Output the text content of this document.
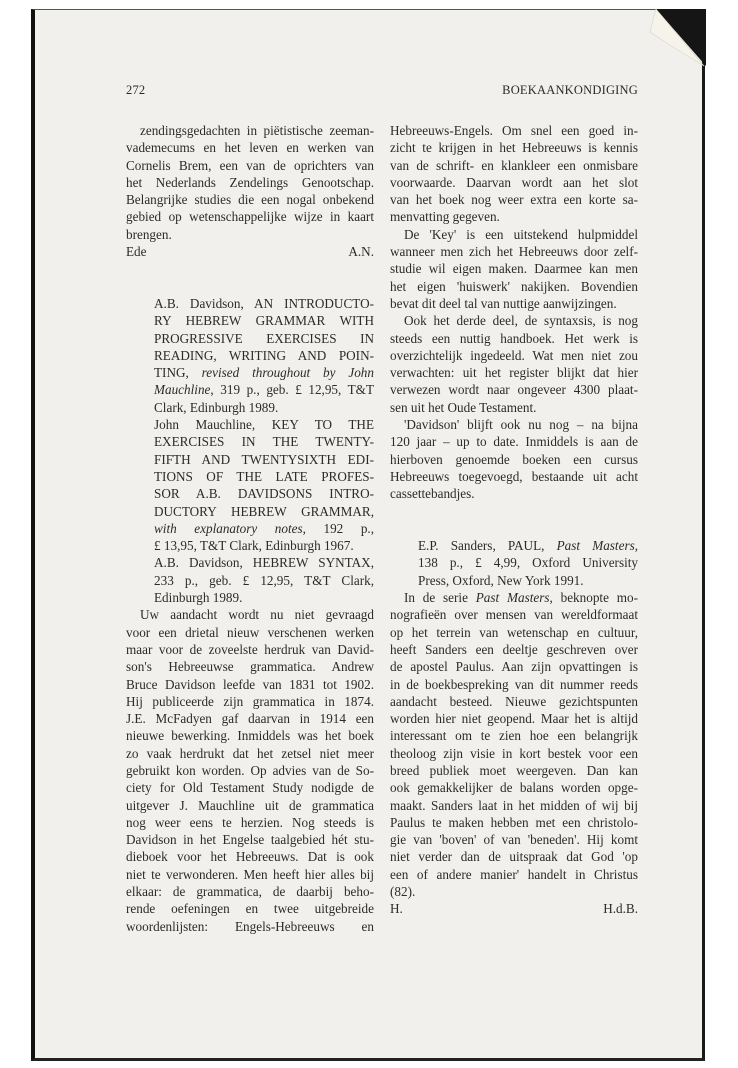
272	BOEKAANKONDIGING
zendingsgedachten in piëtistische zeeman-
vademecums en het leven en werken van
Cornelis Brem, een van de oprichters van
het Nederlands Zendelings Genootschap.
Belangrijke studies die een nogal onbekend
gebied op wetenschappelijke wijze in kaart
brengen.
Ede	A.N.
A.B. Davidson, AN INTRODUCTO-
RY HEBREW GRAMMAR WITH
PROGRESSIVE EXERCISES IN
READING, WRITING AND POIN-
TING, revised throughout by John
Mauchline, 319 p., geb. £ 12,95, T&T
Clark, Edinburgh 1989.
John Mauchline, KEY TO THE
EXERCISES IN THE TWENTY-
FIFTH AND TWENTYSIXTH EDI-
TIONS OF THE LATE PROFES-
SOR A.B. DAVIDSONS INTRO-
DUCTORY HEBREW GRAMMAR,
with explanatory notes, 192 p.,
£ 13,95, T&T Clark, Edinburgh 1967.
A.B. Davidson, HEBREW SYNTAX,
233 p., geb. £ 12,95, T&T Clark,
Edinburgh 1989.
Uw aandacht wordt nu niet gevraagd
voor een drietal nieuw verschenen werken
maar voor de zoveelste herdruk van David-
son's Hebreeuwse grammatica. Andrew
Bruce Davidson leefde van 1831 tot 1902.
Hij publiceerde zijn grammatica in 1874.
J.E. McFadyen gaf daarvan in 1914 een
nieuwe bewerking. Inmiddels was het boek
zo vaak herdrukt dat het zetsel niet meer
gebruikt kon worden. Op advies van de So-
ciety for Old Testament Study nodigde de
uitgever J. Mauchline uit de grammatica
nog weer eens te herzien. Nog steeds is
Davidson in het Engelse taalgebied hét stu-
dieboek voor het Hebreeuws. Dat is ook
niet te verwonderen. Men heeft hier alles bij
elkaar: de grammatica, de daarbij beho-
rende oefeningen en twee uitgebreide
woordenlijsten: Engels-Hebreeuws en
Hebreeuws-Engels. Om snel een goed in-
zicht te krijgen in het Hebreeuws is kennis
van de schrift- en klankleer een onmisbare
voorwaarde. Daarvan wordt aan het slot
van het boek nog weer extra een korte sa-
menvatting gegeven.
De 'Key' is een uitstekend hulpmiddel
wanneer men zich het Hebreeuws door zelf-
studie wil eigen maken. Daarmee kan men
het eigen 'huiswerk' nakijken. Bovendien
bevat dit deel tal van nuttige aanwijzingen.
Ook het derde deel, de syntaxsis, is nog
steeds een nuttig handboek. Het werk is
overzichtelijk ingedeeld. Wat men niet zou
verwachten: uit het register blijkt dat hier
verwezen wordt naar ongeveer 4300 plaat-
sen uit het Oude Testament.
'Davidson' blijft ook nu nog – na bijna
120 jaar – up to date. Inmiddels is aan de
hierboven genoemde boeken een cursus
Hebreeuws toegevoegd, bestaande uit acht
cassettebandjes.
E.P. Sanders, PAUL, Past Masters,
138 p., £ 4,99, Oxford University
Press, Oxford, New York 1991.
In de serie Past Masters, beknopte mo-
nografieën over mensen van wereldformaat
op het terrein van wetenschap en cultuur,
heeft Sanders een deeltje geschreven over
de apostel Paulus. Aan zijn opvattingen is
in de boekbespreking van dit nummer reeds
aandacht besteed. Nieuwe gezichtspunten
worden hier niet geopend. Maar het is altijd
interessant om te zien hoe een belangrijk
theoloog zijn visie in kort bestek voor een
breed publiek moet weergeven. Dan kan
ook gemakkelijker de balans worden opge-
maakt. Sanders laat in het midden of wij bij
Paulus te maken hebben met een christolo-
gie van 'boven' of van 'beneden'. Hij komt
niet verder dan de uitspraak dat God 'op
een of andere manier' handelt in Christus
(82).
H.	H.d.B.
